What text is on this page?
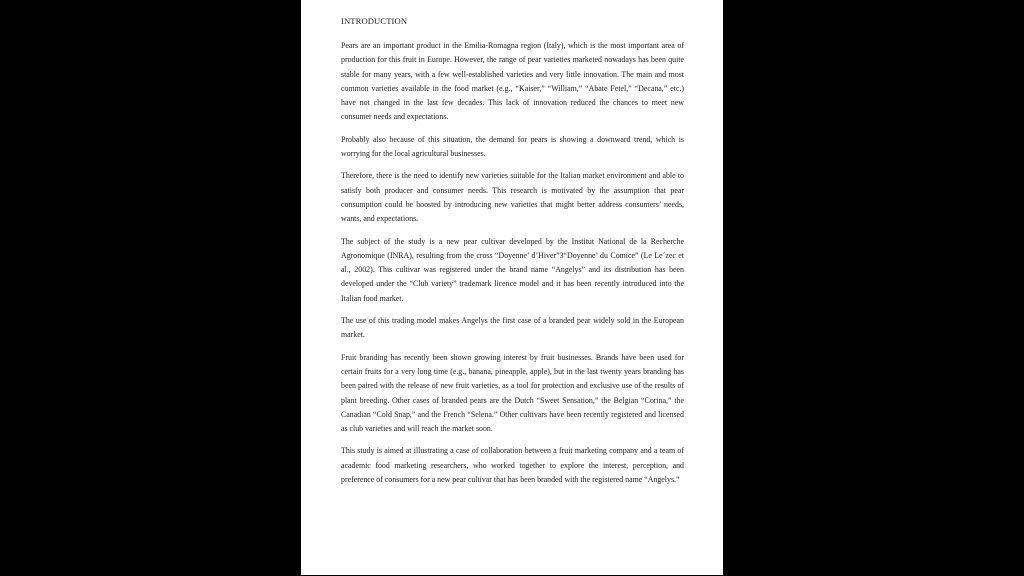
INTRODUCTION

Pears are an important product in the Emilia-Romagna region (Italy), which is the most important area of production for this fruit in Europe. However, the range of pear varieties marketed nowadays has been quite stable for many years, with a few well-established varieties and very little innovation. The main and most common varieties available in the food market (e.g., “Kaiser,” “William,” “Abate Fetel,” “Decana,” etc.) have not changed in the last few decades. This lack of innovation reduced the chances to meet new consumer needs and expectations.

Probably also because of this situation, the demand for pears is showing a downward trend, which is worrying for the local agricultural businesses.

Therefore, there is the need to identify new varieties suitable for the Italian market environment and able to satisfy both producer and consumer needs. This research is motivated by the assumption that pear consumption could be boosted by introducing new varieties that might better address consumers’ needs, wants, and expectations.

The subject of the study is a new pear cultivar developed by the Institut National de la Recherche Agronomique (INRA), resulting from the cross “Doyenne’ d’Hiver”3“Doyenne’ du Comice” (Le Le´zec et al., 2002). This cultivar was registered under the brand name “Angelys” and its distribution has been developed under the “Club variety” trademark licence model and it has been recently introduced into the Italian food market.

The use of this trading model makes Angelys the first case of a branded pear widely sold in the European market.

Fruit branding has recently been shown growing interest by fruit businesses. Brands have been used for certain fruits for a very long time (e.g., banana, pineapple, apple), but in the last twenty years branding has been paired with the release of new fruit varieties, as a tool for protection and exclusive use of the results of plant breeding. Other cases of branded pears are the Dutch “Sweet Sensation,” the Belgian “Corina,” the Canadian “Cold Snap,” and the French “Selena.” Other cultivars have been recently registered and licensed as club varieties and will reach the market soon.

This study is aimed at illustrating a case of collaboration between a fruit marketing company and a team of academic food marketing researchers, who worked together to explore the interest, perception, and preference of consumers for a new pear cultivar that has been branded with the registered name “Angelys.”
